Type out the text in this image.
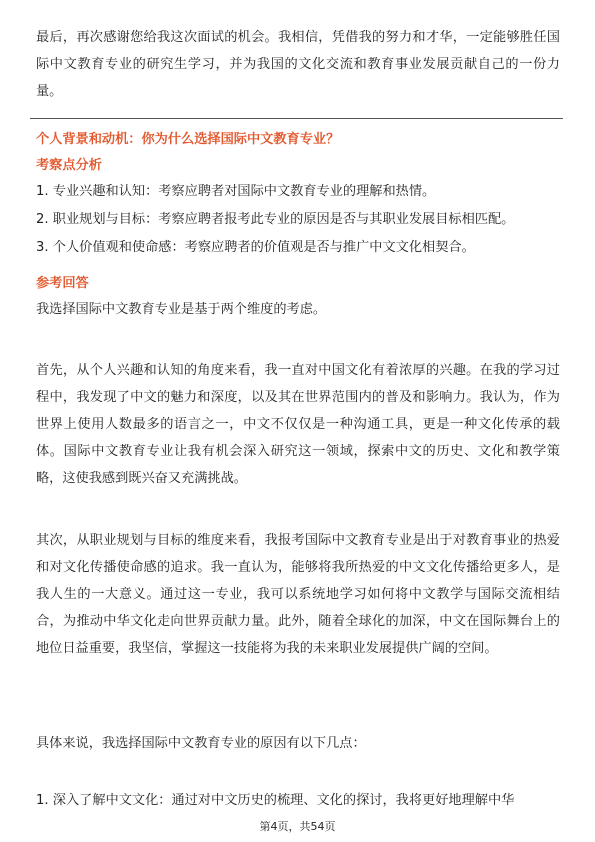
最后，再次感谢您给我这次面试的机会。我相信，凭借我的努力和才华，一定能够胜任国际中文教育专业的研究生学习，并为我国的文化交流和教育事业发展贡献自己的一份力量。

个人背景和动机：你为什么选择国际中文教育专业？
考察点分析
1. 专业兴趣和认知：考察应聘者对国际中文教育专业的理解和热情。
2. 职业规划与目标：考察应聘者报考此专业的原因是否与其职业发展目标相匹配。
3. 个人价值观和使命感：考察应聘者的价值观是否与推广中文文化相契合。
参考回答
我选择国际中文教育专业是基于两个维度的考虑。

首先，从个人兴趣和认知的角度来看，我一直对中国文化有着浓厚的兴趣。在我的学习过程中，我发现了中文的魅力和深度，以及其在世界范围内的普及和影响力。我认为，作为世界上使用人数最多的语言之一，中文不仅仅是一种沟通工具，更是一种文化传承的载体。国际中文教育专业让我有机会深入研究这一领域，探索中文的历史、文化和教学策略，这使我感到既兴奋又充满挑战。

其次，从职业规划与目标的维度来看，我报考国际中文教育专业是出于对教育事业的热爱和对文化传播使命感的追求。我一直认为，能够将我所热爱的中文文化传播给更多人，是我人生的一大意义。通过这一专业，我可以系统地学习如何将中文教学与国际交流相结合，为推动中华文化走向世界贡献力量。此外，随着全球化的加深，中文在国际舞台上的地位日益重要，我坚信，掌握这一技能将为我的未来职业发展提供广阔的空间。

具体来说，我选择国际中文教育专业的原因有以下几点：
1. 深入了解中文文化：通过对中文历史的梳理、文化的探讨，我将更好地理解中华
第4页，共54页
